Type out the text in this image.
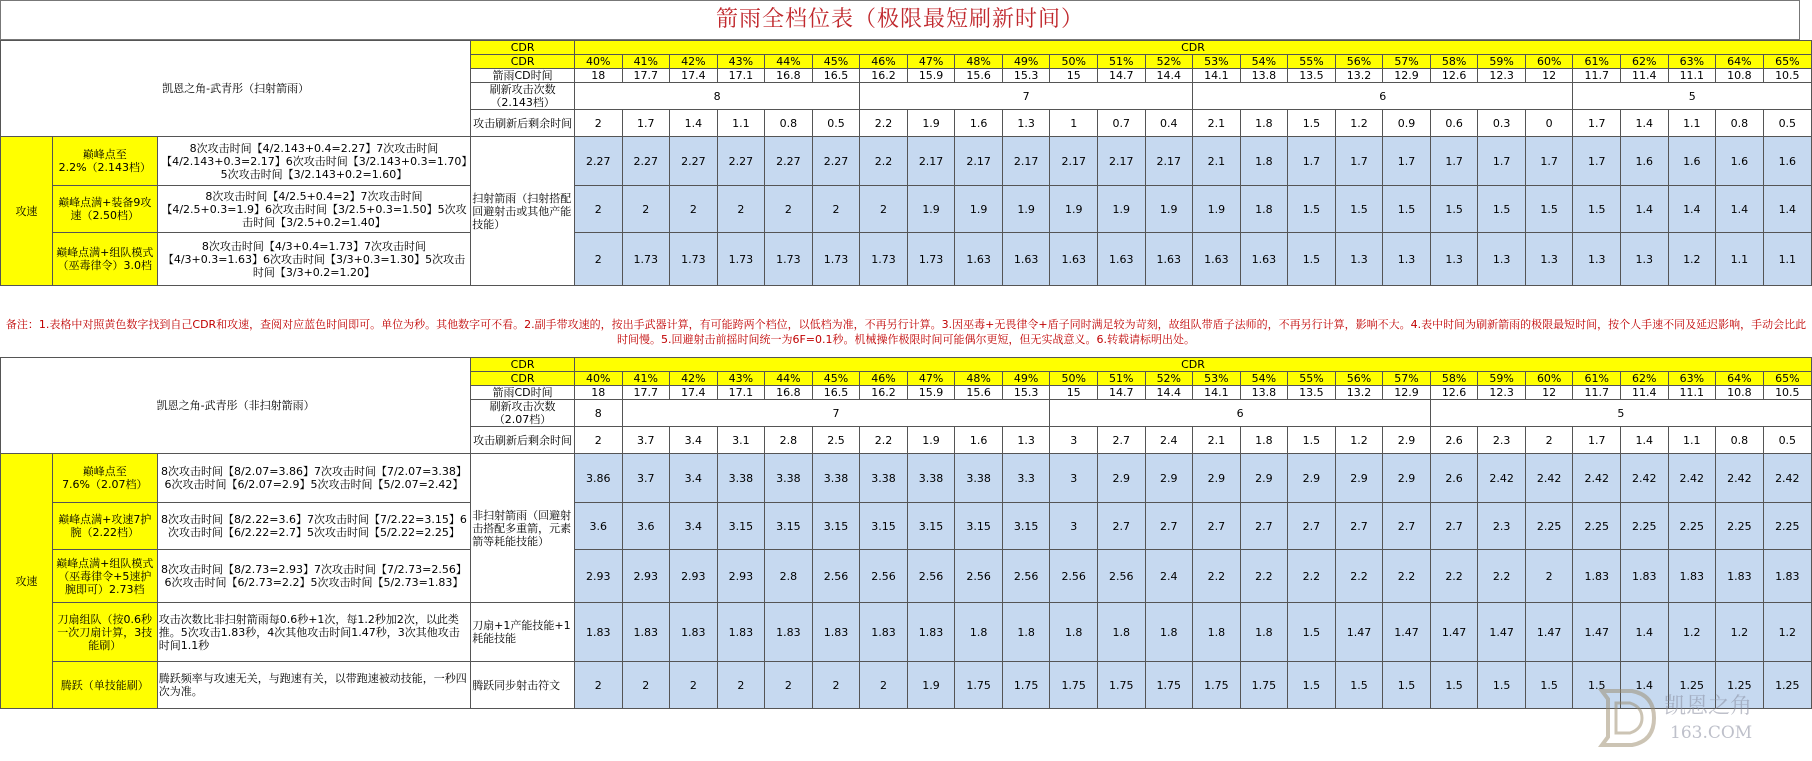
箭雨全档位表（极限最短刷新时间）
凯恩之角-武青彤（扫射箭雨）			CDR	CDR																									
			CDR	40%	41%	42%	43%	44%	45%	46%	47%	48%	49%	50%	51%	52%	53%	54%	55%	56%	57%	58%	59%	60%	61%	62%	63%	64%	65%
			箭雨CD时间	18	17.7	17.4	17.1	16.8	16.5	16.2	15.9	15.6	15.3	15	14.7	14.4	14.1	13.8	13.5	13.2	12.9	12.6	12.3	12	11.7	11.4	11.1	10.8	10.5
			刷新攻击次数（2.143档）	8						7							6								5				
			攻击刷新后剩余时间	2	1.7	1.4	1.1	0.8	0.5	2.2	1.9	1.6	1.3	1	0.7	0.4	2.1	1.8	1.5	1.2	0.9	0.6	0.3	0	1.7	1.4	1.1	0.8	0.5
攻速	巅峰点至2.2%（2.143档）	8次攻击时间【4/2.143+0.4=2.27】7次攻击时间【4/2.143+0.3=2.17】6次攻击时间【3/2.143+0.3=1.70】5次攻击时间【3/2.143+0.2=1.60】	扫射箭雨（扫射搭配回避射击或其他产能技能）	2.27	2.27	2.27	2.27	2.27	2.27	2.2	2.17	2.17	2.17	2.17	2.17	2.17	2.1	1.8	1.7	1.7	1.7	1.7	1.7	1.7	1.7	1.6	1.6	1.6	1.6
	巅峰点满+装备9攻速（2.50档）	8次攻击时间【4/2.5+0.4=2】7次攻击时间【4/2.5+0.3=1.9】6次攻击时间【3/2.5+0.3=1.50】5次攻击时间【3/2.5+0.2=1.40】		2	2	2	2	2	2	2	1.9	1.9	1.9	1.9	1.9	1.9	1.9	1.8	1.5	1.5	1.5	1.5	1.5	1.5	1.5	1.4	1.4	1.4	1.4
	巅峰点满+组队模式（巫毒律令）3.0档	8次攻击时间【4/3+0.4=1.73】7次攻击时间【4/3+0.3=1.63】6次攻击时间【3/3+0.3=1.30】5次攻击时间【3/3+0.2=1.20】		2	1.73	1.73	1.73	1.73	1.73	1.73	1.73	1.63	1.63	1.63	1.63	1.63	1.63	1.63	1.5	1.3	1.3	1.3	1.3	1.3	1.3	1.3	1.2	1.1	1.1
备注：1.表格中对照黄色数字找到自己CDR和攻速，查阅对应蓝色时间即可。单位为秒。其他数字可不看。2.副手带攻速的，按出手武器计算，有可能跨两个档位，以低档为准，不再另行计算。3.因巫毒+无畏律令+盾子同时满足较为苛刻，故组队带盾子法师的，不再另行计算，影响不大。4.表中时间为刷新箭雨的极限最短时间，按个人手速不同及延迟影响，手动会比此时间慢。5.回避射击前摇时间统一为6F=0.1秒。机械操作极限时间可能偶尔更短，但无实战意义。6.转载请标明出处。
凯恩之角-武青彤（非扫射箭雨）			CDR	CDR																									
			CDR	40%	41%	42%	43%	44%	45%	46%	47%	48%	49%	50%	51%	52%	53%	54%	55%	56%	57%	58%	59%	60%	61%	62%	63%	64%	65%
			箭雨CD时间	18	17.7	17.4	17.1	16.8	16.5	16.2	15.9	15.6	15.3	15	14.7	14.4	14.1	13.8	13.5	13.2	12.9	12.6	12.3	12	11.7	11.4	11.1	10.8	10.5
			刷新攻击次数（2.07档）	8	7									6								5							
			攻击刷新后剩余时间	2	3.7	3.4	3.1	2.8	2.5	2.2	1.9	1.6	1.3	3	2.7	2.4	2.1	1.8	1.5	1.2	2.9	2.6	2.3	2	1.7	1.4	1.1	0.8	0.5
攻速	巅峰点至7.6%（2.07档）	8次攻击时间【8/2.07=3.86】7次攻击时间【7/2.07=3.38】6次攻击时间【6/2.07=2.9】5次攻击时间【5/2.07=2.42】	非扫射箭雨（回避射击搭配多重箭，元素箭等耗能技能）	3.86	3.7	3.4	3.38	3.38	3.38	3.38	3.38	3.38	3.3	3	2.9	2.9	2.9	2.9	2.9	2.9	2.9	2.6	2.42	2.42	2.42	2.42	2.42	2.42	2.42
	巅峰点满+攻速7护腕（2.22档）	8次攻击时间【8/2.22=3.6】7次攻击时间【7/2.22=3.15】6次攻击时间【6/2.22=2.7】5次攻击时间【5/2.22=2.25】		3.6	3.6	3.4	3.15	3.15	3.15	3.15	3.15	3.15	3.15	3	2.7	2.7	2.7	2.7	2.7	2.7	2.7	2.7	2.3	2.25	2.25	2.25	2.25	2.25	2.25
	巅峰点满+组队模式（巫毒律令+5速护腕即可）2.73档	8次攻击时间【8/2.73=2.93】7次攻击时间【7/2.73=2.56】6次攻击时间【6/2.73=2.2】5次攻击时间【5/2.73=1.83】		2.93	2.93	2.93	2.93	2.8	2.56	2.56	2.56	2.56	2.56	2.56	2.56	2.4	2.2	2.2	2.2	2.2	2.2	2.2	2.2	2	1.83	1.83	1.83	1.83	1.83
	刀扇组队（按0.6秒一次刀扇计算，3技能刷）	攻击次数比非扫射箭雨每0.6秒+1次，每1.2秒加2次，以此类推。5次攻击1.83秒，4次其他攻击时间1.47秒，3次其他攻击时间1.1秒	刀扇+1产能技能+1耗能技能	1.83	1.83	1.83	1.83	1.83	1.83	1.83	1.83	1.8	1.8	1.8	1.8	1.8	1.8	1.8	1.5	1.47	1.47	1.47	1.47	1.47	1.47	1.4	1.2	1.2	1.2
	腾跃（单技能刷）	腾跃频率与攻速无关，与跑速有关，以带跑速被动技能，一秒四次为准。	腾跃同步射击符文	2	2	2	2	2	2	2	1.9	1.75	1.75	1.75	1.75	1.75	1.75	1.75	1.5	1.5	1.5	1.5	1.5	1.5	1.5	1.4	1.25	1.25	1.25
凯恩之角
163.COM
